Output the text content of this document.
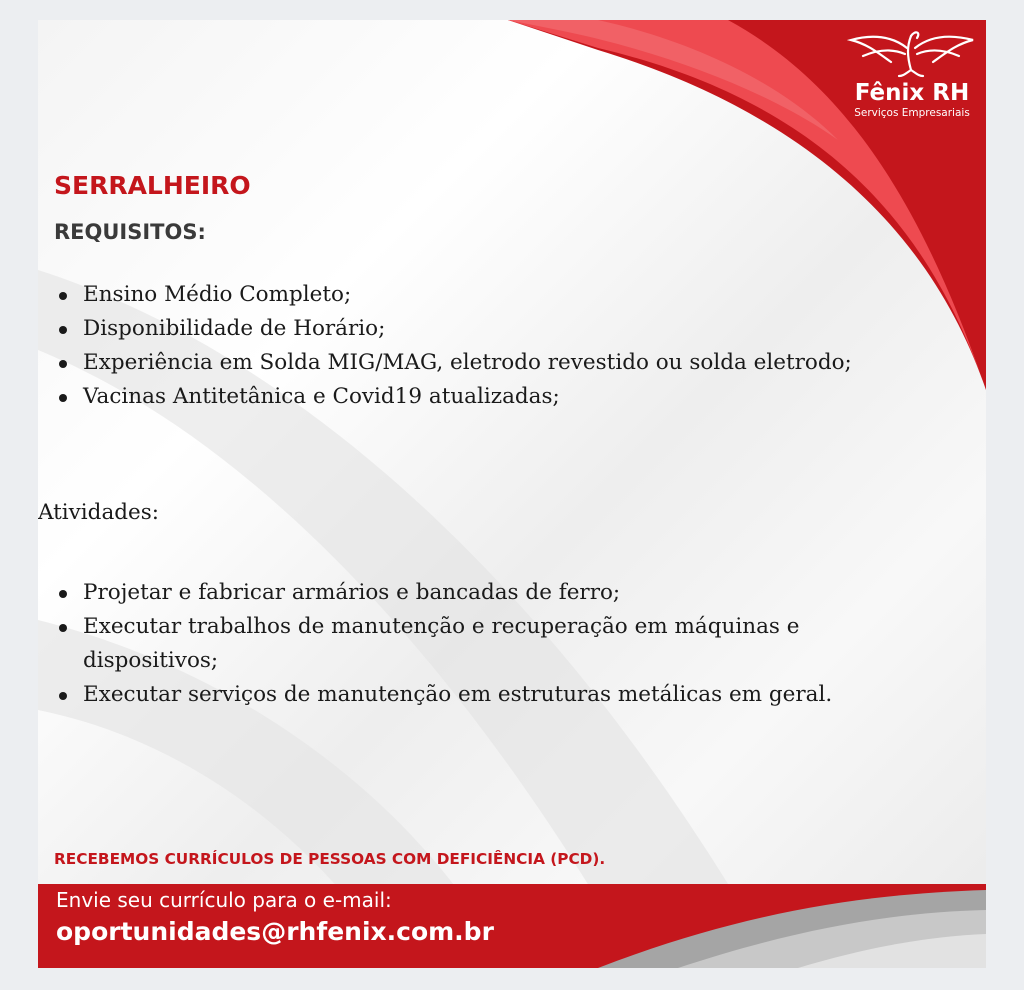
Fênix RH
Serviços Empresariais
SERRALHEIRO
REQUISITOS:
Ensino Médio Completo;
Disponibilidade de Horário;
Experiência em Solda MIG/MAG, eletrodo revestido ou solda eletrodo;
Vacinas Antitetânica e Covid19 atualizadas;

Atividades:

Projetar e fabricar armários e bancadas de ferro;
Executar trabalhos de manutenção e recuperação em máquinas e dispositivos;
Executar serviços de manutenção em estruturas metálicas em geral.

RECEBEMOS CURRÍCULOS DE PESSOAS COM DEFICIÊNCIA (PCD).

Envie seu currículo para o e-mail:
oportunidades@rhfenix.com.br
